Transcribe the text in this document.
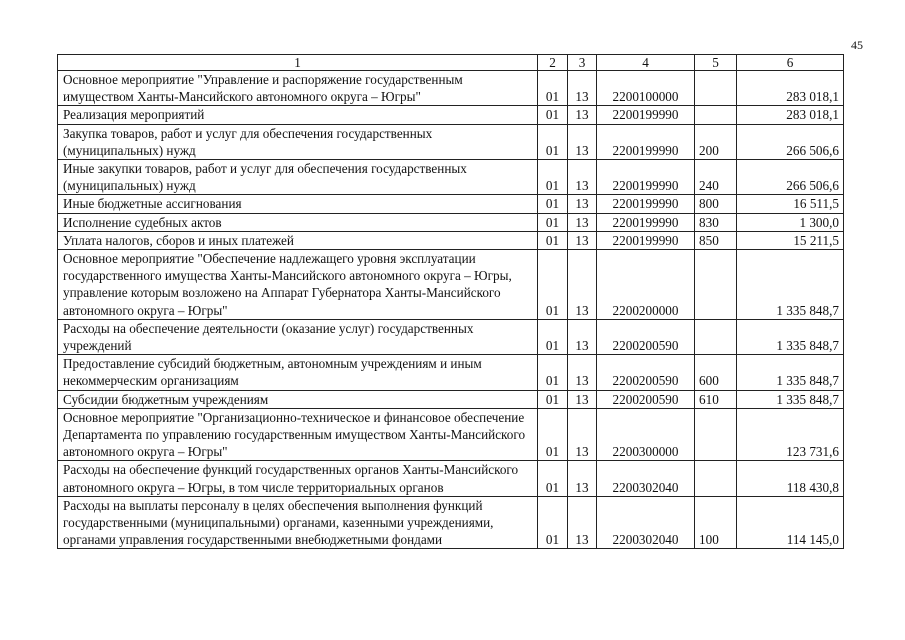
45
1	2	3	4	5	6
Основное мероприятие "Управление и распоряжение государственным имуществом Ханты-Мансийского автономного округа – Югры"	01	13	2200100000		283 018,1
Реализация мероприятий	01	13	2200199990		283 018,1
Закупка товаров, работ и услуг для обеспечения государственных (муниципальных) нужд	01	13	2200199990	200	266 506,6
Иные закупки товаров, работ и услуг для обеспечения государственных (муниципальных) нужд	01	13	2200199990	240	266 506,6
Иные бюджетные ассигнования	01	13	2200199990	800	16 511,5
Исполнение судебных актов	01	13	2200199990	830	1 300,0
Уплата налогов, сборов и иных платежей	01	13	2200199990	850	15 211,5
Основное мероприятие "Обеспечение надлежащего уровня эксплуатации государственного имущества Ханты-Мансийского автономного округа – Югры, управление которым возложено на Аппарат Губернатора Ханты-Мансийского автономного округа – Югры"	01	13	2200200000		1 335 848,7
Расходы на обеспечение деятельности (оказание услуг) государственных учреждений	01	13	2200200590		1 335 848,7
Предоставление субсидий бюджетным, автономным учреждениям и иным некоммерческим организациям	01	13	2200200590	600	1 335 848,7
Субсидии бюджетным учреждениям	01	13	2200200590	610	1 335 848,7
Основное мероприятие "Организационно-техническое и финансовое обеспечение Департамента по управлению государственным имуществом Ханты-Мансийского автономного округа – Югры"	01	13	2200300000		123 731,6
Расходы на обеспечение функций государственных органов Ханты-Мансийского автономного округа – Югры, в том числе территориальных органов	01	13	2200302040		118 430,8
Расходы на выплаты персоналу в целях обеспечения выполнения функций государственными (муниципальными) органами, казенными учреждениями, органами управления государственными внебюджетными фондами	01	13	2200302040	100	114 145,0
